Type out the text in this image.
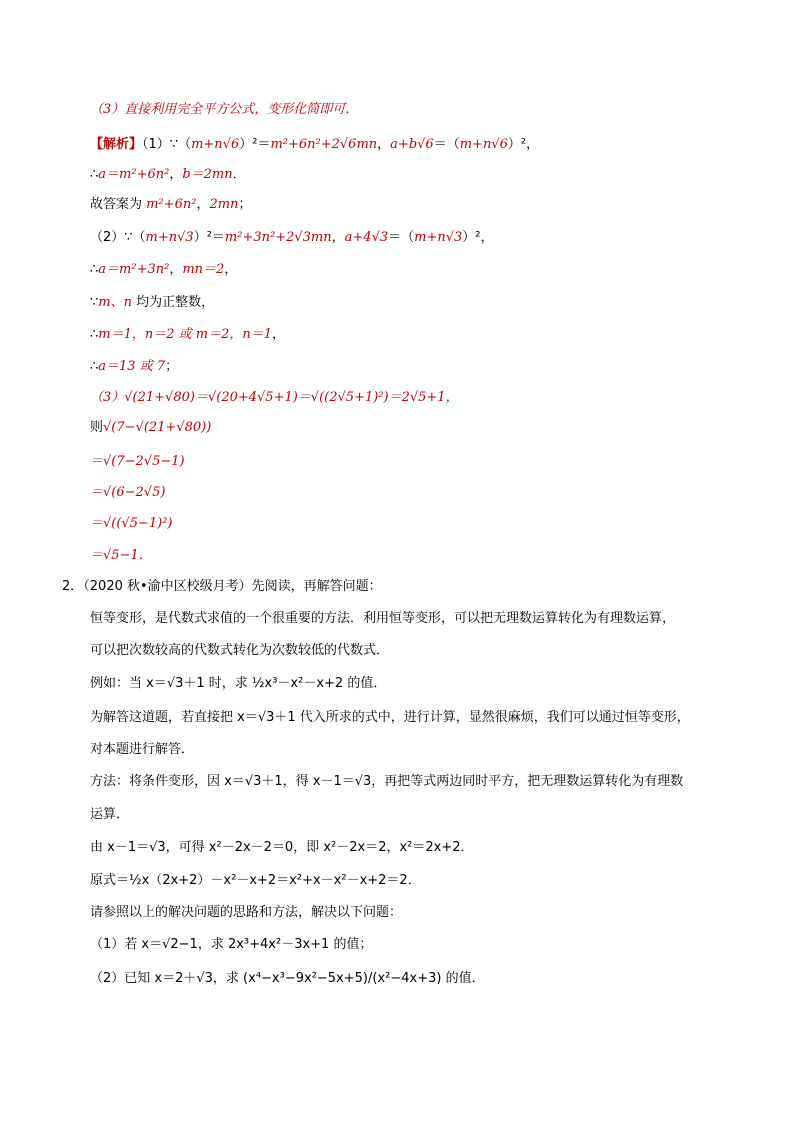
（3）直接利用完全平方公式，变形化简即可．
【解析】（1）∵（m+n√6）²＝m²+6n²+2√6mn，a+b√6＝（m+n√6）²，
∴a＝m²+6n²，b＝2mn．
故答案为 m²+6n²，2mn；
（2）∵（m+n√3）²＝m²+3n²+2√3mn，a+4√3＝（m+n√3）²，
∴a＝m²+3n²，mn＝2，
∵m、n 均为正整数，
∴m＝1，n＝2 或 m＝2，n＝1，
∴a＝13 或 7；
（3）√(21+√80)＝√(20+4√5+1)＝√((2√5+1)²)＝2√5+1，
则√(7−√(21+√80))
＝√(7−2√5−1)
＝√(6−2√5)
＝√((√5−1)²)
＝√5−1．
2．（2020 秋•渝中区校级月考）先阅读，再解答问题：
恒等变形，是代数式求值的一个很重要的方法．利用恒等变形，可以把无理数运算转化为有理数运算，
可以把次数较高的代数式转化为次数较低的代数式．
例如：当 x＝√3＋1 时，求 ½x³－x²－x+2 的值．
为解答这道题，若直接把 x＝√3＋1 代入所求的式中，进行计算，显然很麻烦，我们可以通过恒等变形，
对本题进行解答．
方法：将条件变形，因 x＝√3＋1，得 x－1＝√3，再把等式两边同时平方，把无理数运算转化为有理数
运算．
由 x－1＝√3，可得 x²－2x－2＝0，即 x²－2x＝2，x²＝2x+2．
原式＝½x（2x+2）－x²－x+2＝x²+x－x²－x+2＝2．
请参照以上的解决问题的思路和方法，解决以下问题：
（1）若 x＝√2−1，求 2x³+4x²－3x+1 的值；
（2）已知 x＝2＋√3，求 (x⁴−x³−9x²−5x+5)/(x²−4x+3) 的值．
